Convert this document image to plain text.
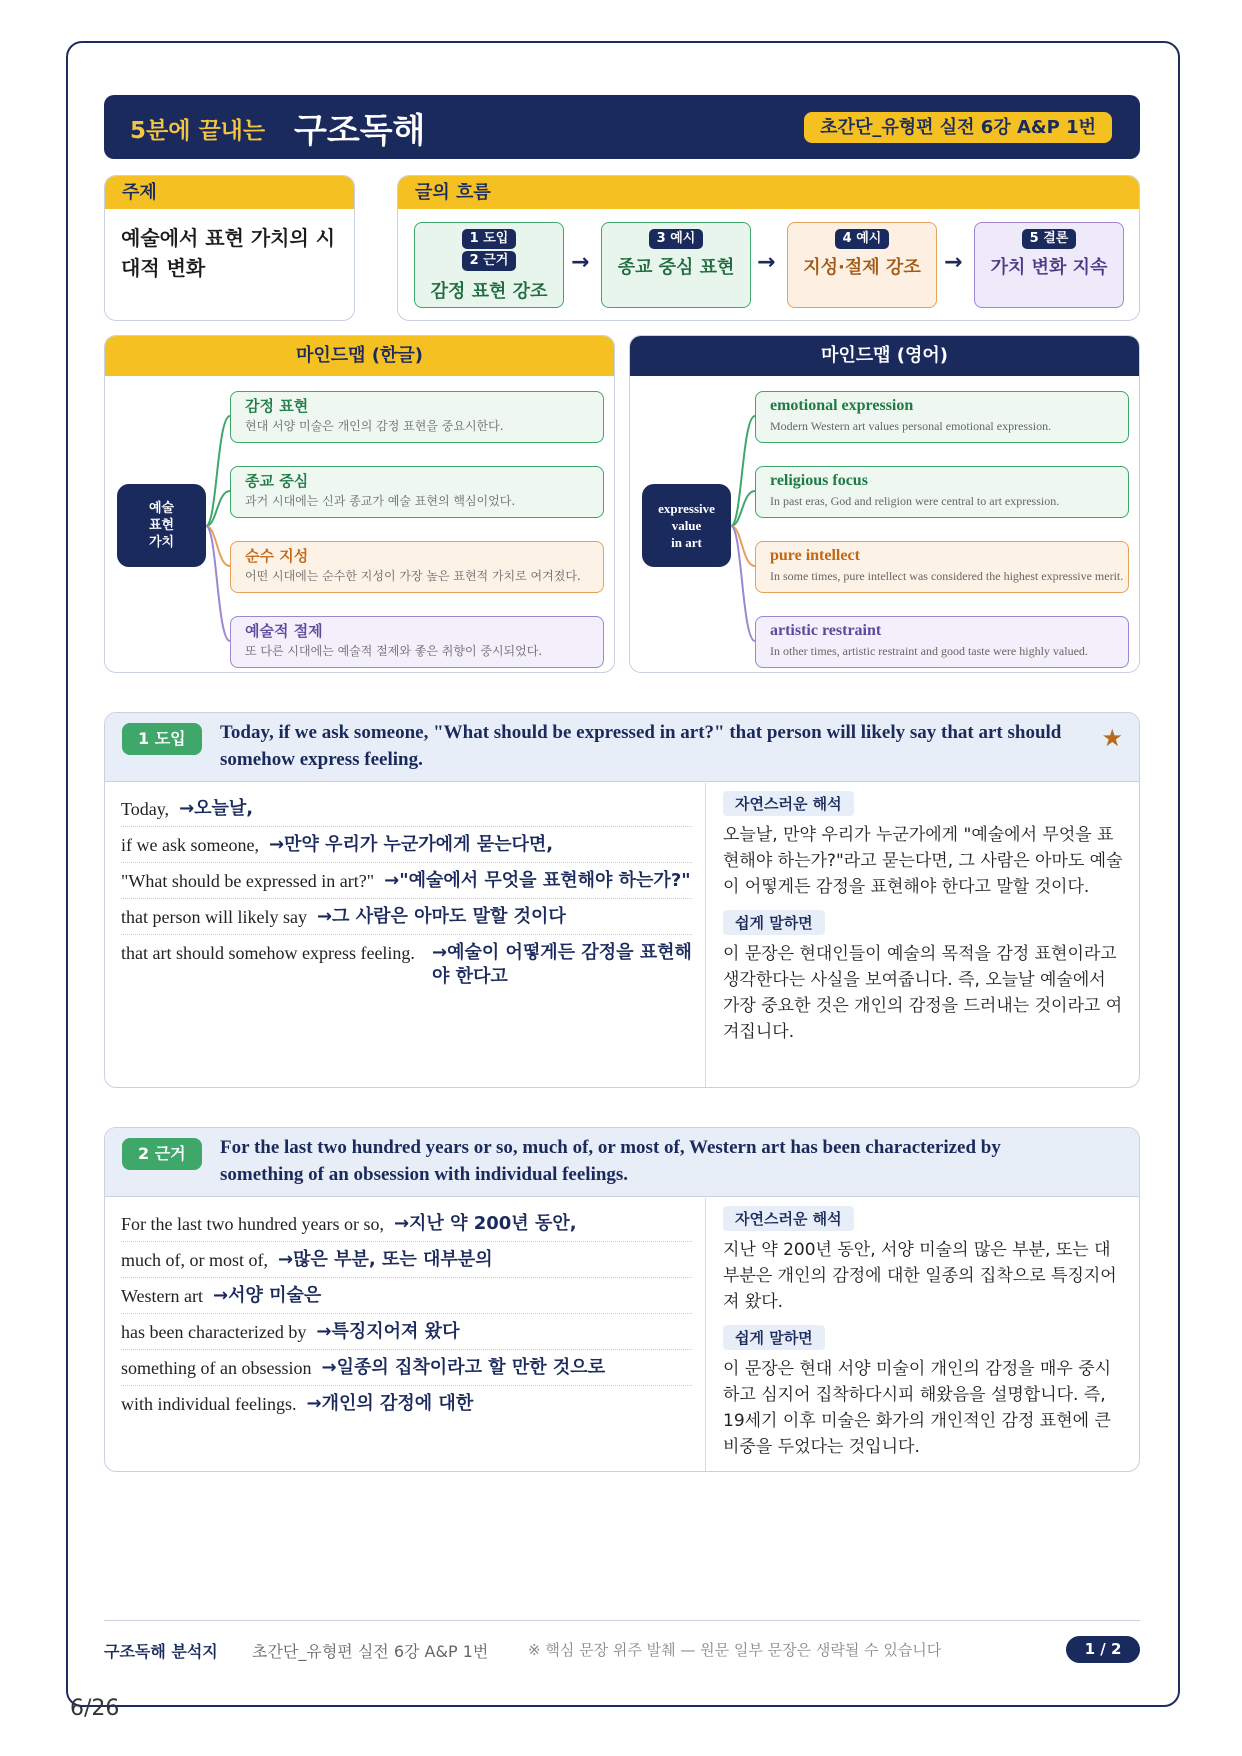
5분에 끝내는 구조독해	초간단_유형편 실전 6강 A&P 1번
주제
예술에서 표현 가치의 시대적 변화
글의 흐름
1 도입
2 근거
감정 표현 강조
→
3 예시
종교 중심 표현	→
4 예시
지성·절제 강조	→
5 결론
가치 변화 지속
마인드맵 (한글)
예술
표현
가치
감정 표현
현대 서양 미술은 개인의 감정 표현을 중요시한다.
종교 중심
과거 시대에는 신과 종교가 예술 표현의 핵심이었다.
순수 지성
어떤 시대에는 순수한 지성이 가장 높은 표현적 가치로 여겨졌다.
예술적 절제
또 다른 시대에는 예술적 절제와 좋은 취향이 중시되었다.
마인드맵 (영어)
expressive value
in art
emotional expression
Modern Western art values personal emotional expression.
religious focus
In past eras, God and religion were central to art expression.
pure intellect
In some times, pure intellect was considered the highest expressive merit.
artistic restraint
In other times, artistic restraint and good taste were highly valued.
1 도입	Today, if we ask someone, "What should be expressed in art?" that person will likely say that art should somehow express feeling.
★
Today, →오늘날,
if we ask someone, →만약 우리가 누군가에게 묻는다면,
"What should be expressed in art?" →"예술에서 무엇을 표현해야 하는가?"
that person will likely say →그 사람은 아마도 말할 것이다
that art should somehow express feeling. →예술이 어떻게든 감정을 표현해야 한다고
자연스러운 해석
오늘날, 만약 우리가 누군가에게 "예술에서 무엇을 표현해야 하는가?"라고 묻는다면, 그 사람은 아마도 예술이 어떻게든 감정을 표현해야 한다고 말할 것이다.
쉽게 말하면
이 문장은 현대인들이 예술의 목적을 감정 표현이라고 생각한다는 사실을 보여줍니다. 즉, 오늘날 예술에서 가장 중요한 것은 개인의 감정을 드러내는 것이라고 여겨집니다.
2 근거	For the last two hundred years or so, much of, or most of, Western art has been characterized by something of an obsession with individual feelings.
For the last two hundred years or so, →지난 약 200년 동안,
much of, or most of, →많은 부분, 또는 대부분의
Western art →서양 미술은
has been characterized by →특징지어져 왔다
something of an obsession →일종의 집착이라고 할 만한 것으로
with individual feelings. →개인의 감정에 대한
자연스러운 해석
지난 약 200년 동안, 서양 미술의 많은 부분, 또는 대부분은 개인의 감정에 대한 일종의 집착으로 특징지어져 왔다.
쉽게 말하면
이 문장은 현대 서양 미술이 개인의 감정을 매우 중시하고 심지어 집착하다시피 해왔음을 설명합니다. 즉, 19세기 이후 미술은 화가의 개인적인 감정 표현에 큰 비중을 두었다는 것입니다.
구조독해 분석지 초간단_유형편 실전 6강 A&P 1번	※ 핵심 문장 위주 발췌 — 원문 일부 문장은 생략될 수 있습니다	1 / 2
6/26
